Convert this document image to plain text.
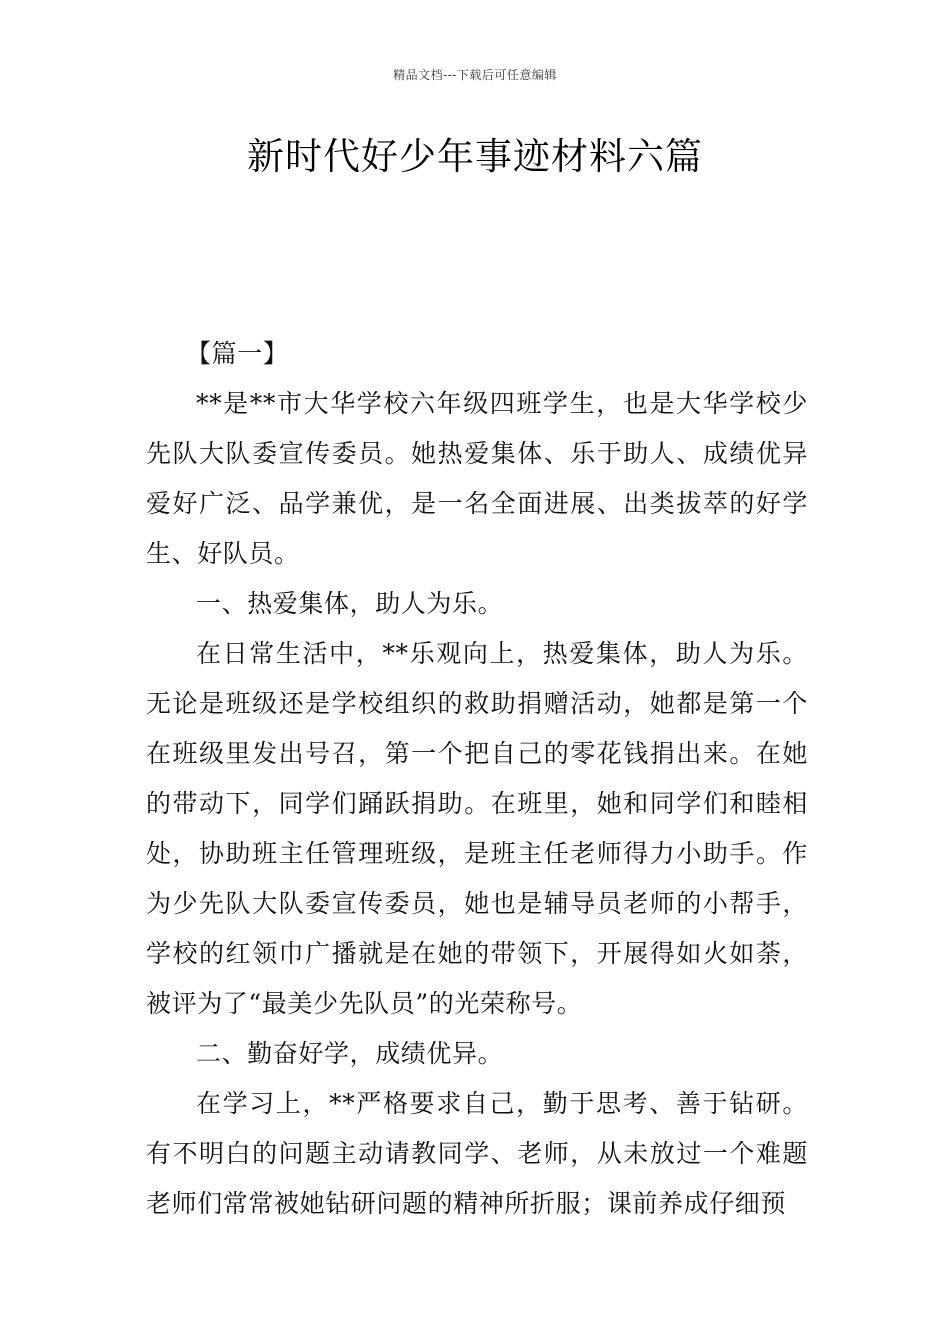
精品文档---下载后可任意编辑
新时代好少年事迹材料六篇

【篇一】

**是**市大华学校六年级四班学生，也是大华学校少先队大队委宣传委员。她热爱集体、乐于助人、成绩优异爱好广泛、品学兼优，是一名全面进展、出类拔萃的好学生、好队员。

一、热爱集体，助人为乐。

在日常生活中，**乐观向上，热爱集体，助人为乐。无论是班级还是学校组织的救助捐赠活动，她都是第一个在班级里发出号召，第一个把自己的零花钱捐出来。在她的带动下，同学们踊跃捐助。在班里，她和同学们和睦相处，协助班主任管理班级，是班主任老师得力小助手。作为少先队大队委宣传委员，她也是辅导员老师的小帮手，学校的红领巾广播就是在她的带领下，开展得如火如荼，被评为了“最美少先队员”的光荣称号。

二、勤奋好学，成绩优异。

在学习上，**严格要求自己，勤于思考、善于钻研。有不明白的问题主动请教同学、老师，从未放过一个难题老师们常常被她钻研问题的精神所折服；课前养成仔细预
